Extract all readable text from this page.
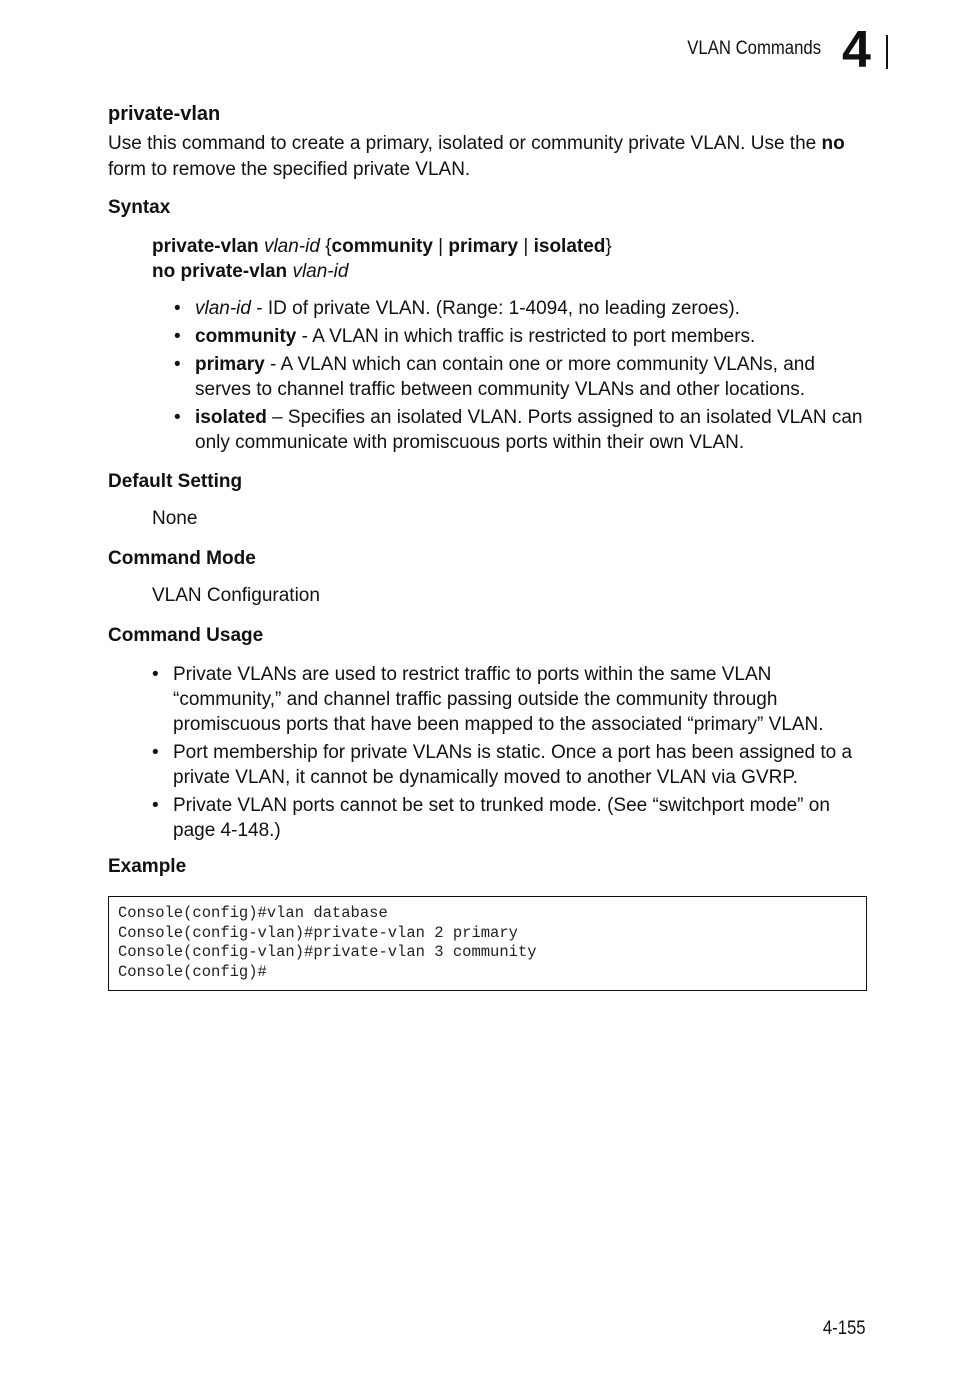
VLAN Commands 4
private-vlan
Use this command to create a primary, isolated or community private VLAN. Use the no form to remove the specified private VLAN.
Syntax
private-vlan vlan-id {community | primary | isolated}
no private-vlan vlan-id
• vlan-id - ID of private VLAN. (Range: 1-4094, no leading zeroes).
• community - A VLAN in which traffic is restricted to port members.
• primary - A VLAN which can contain one or more community VLANs, and serves to channel traffic between community VLANs and other locations.
• isolated – Specifies an isolated VLAN. Ports assigned to an isolated VLAN can only communicate with promiscuous ports within their own VLAN.
Default Setting
None
Command Mode
VLAN Configuration
Command Usage
• Private VLANs are used to restrict traffic to ports within the same VLAN “community,” and channel traffic passing outside the community through promiscuous ports that have been mapped to the associated “primary” VLAN.
• Port membership for private VLANs is static. Once a port has been assigned to a private VLAN, it cannot be dynamically moved to another VLAN via GVRP.
• Private VLAN ports cannot be set to trunked mode. (See “switchport mode” on page 4-148.)
Example
Console(config)#vlan database
Console(config-vlan)#private-vlan 2 primary
Console(config-vlan)#private-vlan 3 community
Console(config)#
4-155
